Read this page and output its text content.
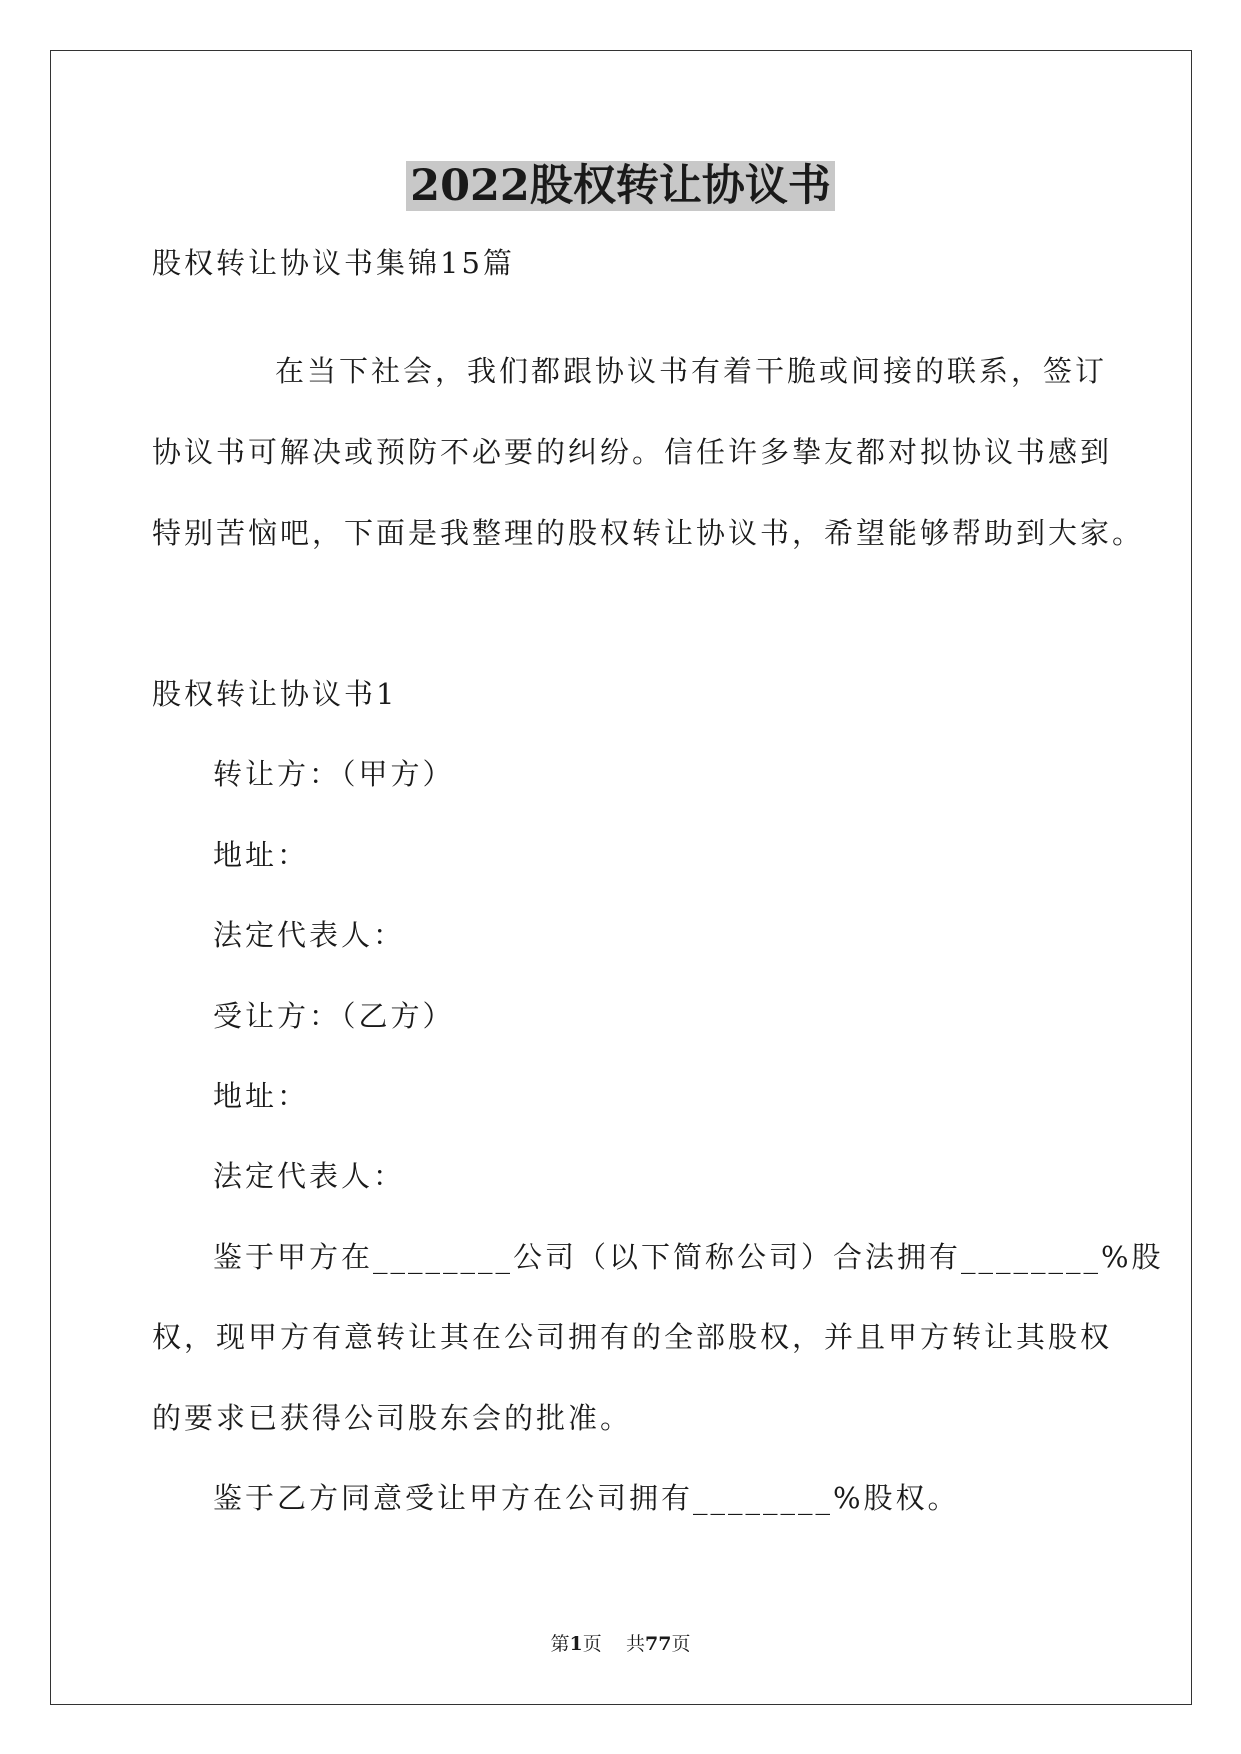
2022股权转让协议书
股权转让协议书集锦15篇
在当下社会，我们都跟协议书有着干脆或间接的联系，签订
协议书可解决或预防不必要的纠纷。信任许多挚友都对拟协议书感到
特别苦恼吧，下面是我整理的股权转让协议书，希望能够帮助到大家。
股权转让协议书1
转让方：（甲方）
地址：
法定代表人：
受让方：（乙方）
地址：
法定代表人：
鉴于甲方在________公司（以下简称公司）合法拥有________%股
权，现甲方有意转让其在公司拥有的全部股权，并且甲方转让其股权
的要求已获得公司股东会的批准。
鉴于乙方同意受让甲方在公司拥有________%股权。
第1页 共77页
